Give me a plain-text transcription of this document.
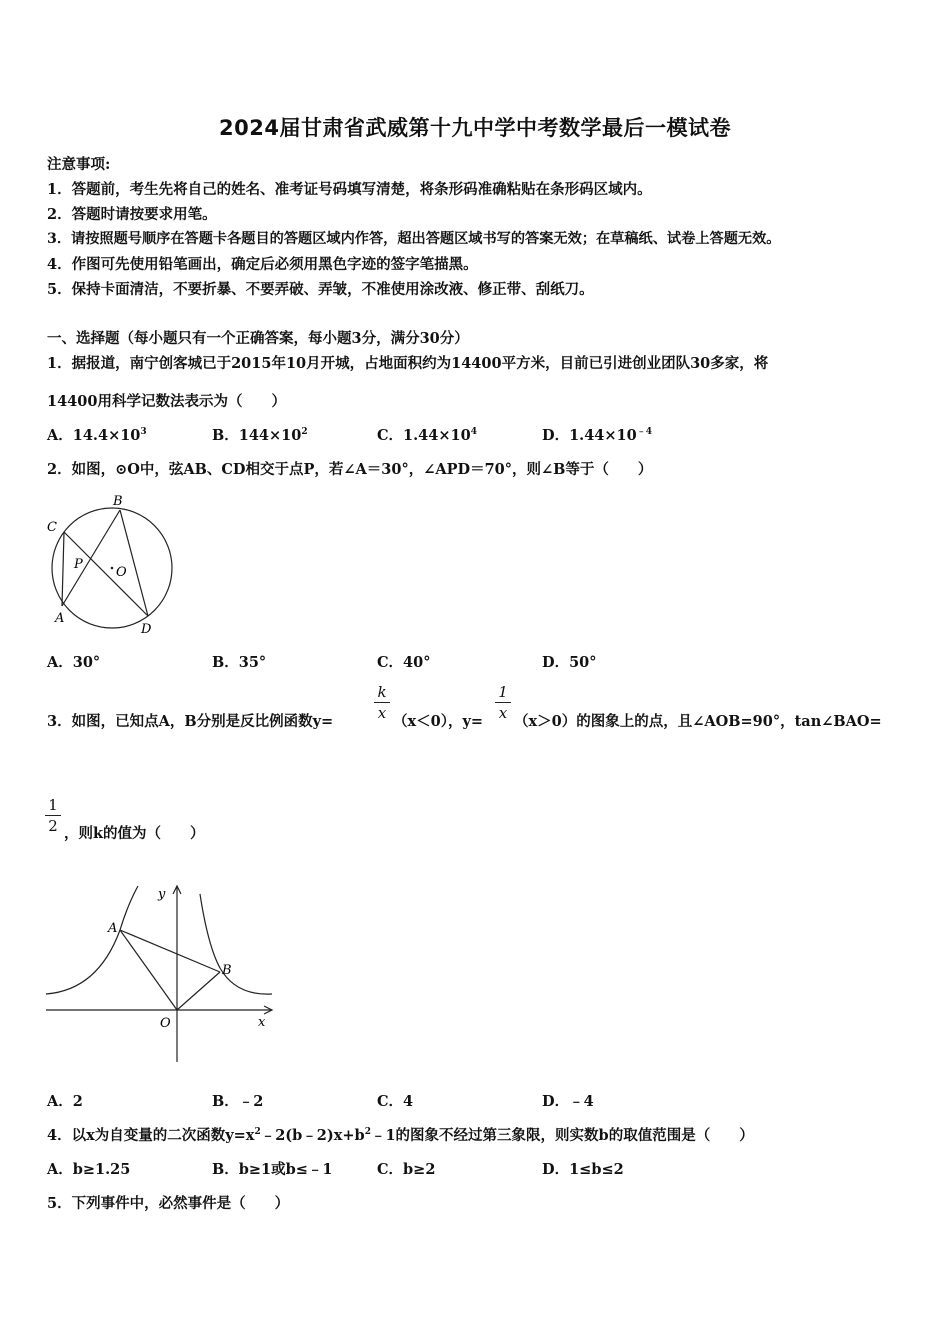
2024届甘肃省武威第十九中学中考数学最后一模试卷
注意事项:
1．答题前，考生先将自己的姓名、准考证号码填写清楚，将条形码准确粘贴在条形码区域内。
2．答题时请按要求用笔。
3．请按照题号顺序在答题卡各题目的答题区域内作答，超出答题区域书写的答案无效；在草稿纸、试卷上答题无效。
4．作图可先使用铅笔画出，确定后必须用黑色字迹的签字笔描黑。
5．保持卡面清洁，不要折暴、不要弄破、弄皱，不准使用涂改液、修正带、刮纸刀。
一、选择题（每小题只有一个正确答案，每小题3分，满分30分）
1．据报道，南宁创客城已于2015年10月开城，占地面积约为14400平方米，目前已引进创业团队30多家，将
14400用科学记数法表示为（　　）
A．$14.4\times 10^3$	B．$144\times 10^2$	C．$1.44\times 10^4$	D．$1.44\times 10^{﹣4}$
2．如图，⊙O中，弦AB、CD相交于点P，若∠A＝30°，∠APD＝70°，则∠B等于（　　）
B
C
P
O
A
D
A．30°	B．35°	C．40°	D．50°
3．如图，已知点A，B分别是反比例函数y=
k
x （x＜0），y=
1
x （x＞0）的图象上的点，且∠AOB=90°，tan∠BAO=
1
2 ，则k的值为（　　）
y
x
A
B
O
A．2	B．﹣2	C．4	D．﹣4
4．以x为自变量的二次函数$y=x^2﹣2(b﹣2)x+b^2﹣1$的图象不经过第三象限，则实数b的取值范围是（　　）
A．b≥1.25	B．b≥1或b≤﹣1	C．b≥2	D．1≤b≤2
5．下列事件中，必然事件是（　　）
